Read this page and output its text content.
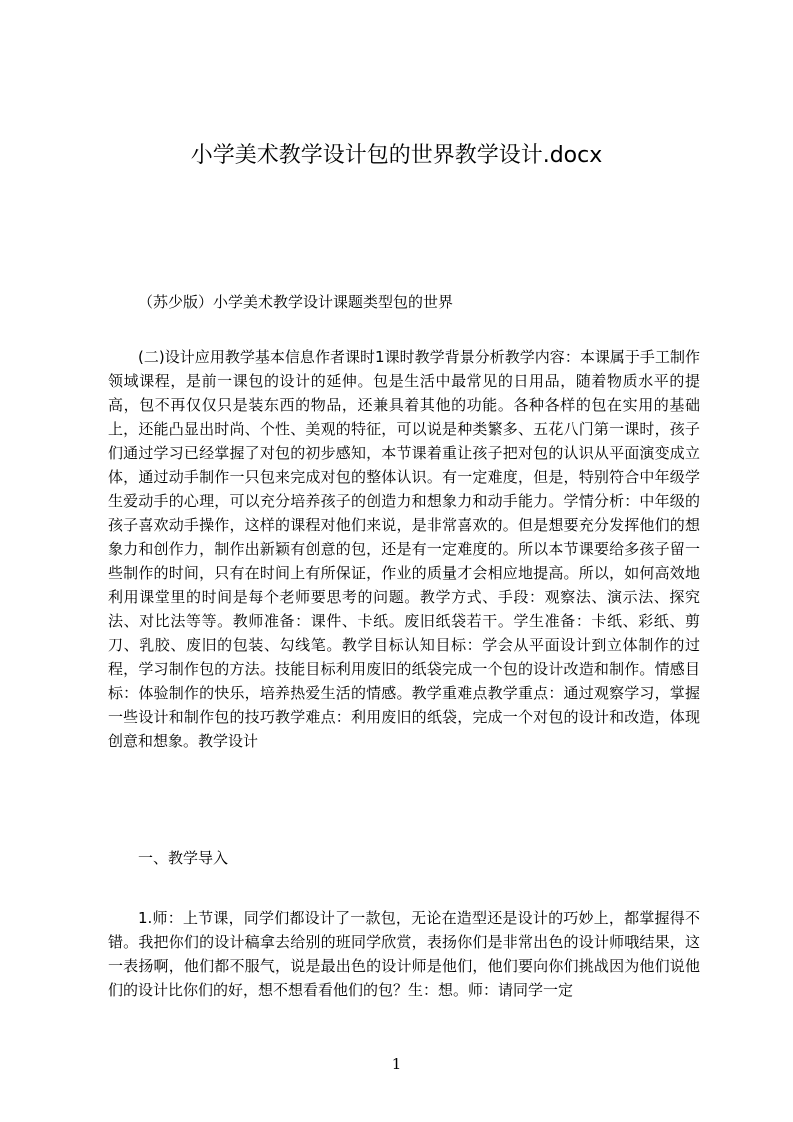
小学美术教学设计包的世界教学设计.docx

（苏少版）小学美术教学设计课题类型包的世界

(二)设计应用教学基本信息作者课时1课时教学背景分析教学内容：本课属于手工制作领域课程，是前一课包的设计的延伸。包是生活中最常见的日用品，随着物质水平的提高，包不再仅仅只是装东西的物品，还兼具着其他的功能。各种各样的包在实用的基础上，还能凸显出时尚、个性、美观的特征，可以说是种类繁多、五花八门第一课时，孩子们通过学习已经掌握了对包的初步感知，本节课着重让孩子把对包的认识从平面演变成立体，通过动手制作一只包来完成对包的整体认识。有一定难度，但是，特别符合中年级学生爱动手的心理，可以充分培养孩子的创造力和想象力和动手能力。学情分析：中年级的孩子喜欢动手操作，这样的课程对他们来说，是非常喜欢的。但是想要充分发挥他们的想象力和创作力，制作出新颖有创意的包，还是有一定难度的。所以本节课要给多孩子留一些制作的时间，只有在时间上有所保证，作业的质量才会相应地提高。所以，如何高效地利用课堂里的时间是每个老师要思考的问题。教学方式、手段：观察法、演示法、探究法、对比法等等。教师准备：课件、卡纸。废旧纸袋若干。学生准备：卡纸、彩纸、剪刀、乳胶、废旧的包装、勾线笔。教学目标认知目标：学会从平面设计到立体制作的过程，学习制作包的方法。技能目标利用废旧的纸袋完成一个包的设计改造和制作。情感目标：体验制作的快乐，培养热爱生活的情感。教学重难点教学重点：通过观察学习，掌握一些设计和制作包的技巧教学难点：利用废旧的纸袋，完成一个对包的设计和改造，体现创意和想象。教学设计

一、教学导入

1.师：上节课，同学们都设计了一款包，无论在造型还是设计的巧妙上，都掌握得不错。我把你们的设计稿拿去给别的班同学欣赏，表扬你们是非常出色的设计师哦结果，这一表扬啊，他们都不服气，说是最出色的设计师是他们，他们要向你们挑战因为他们说他们的设计比你们的好，想不想看看他们的包？生：想。师：请同学一定

1
